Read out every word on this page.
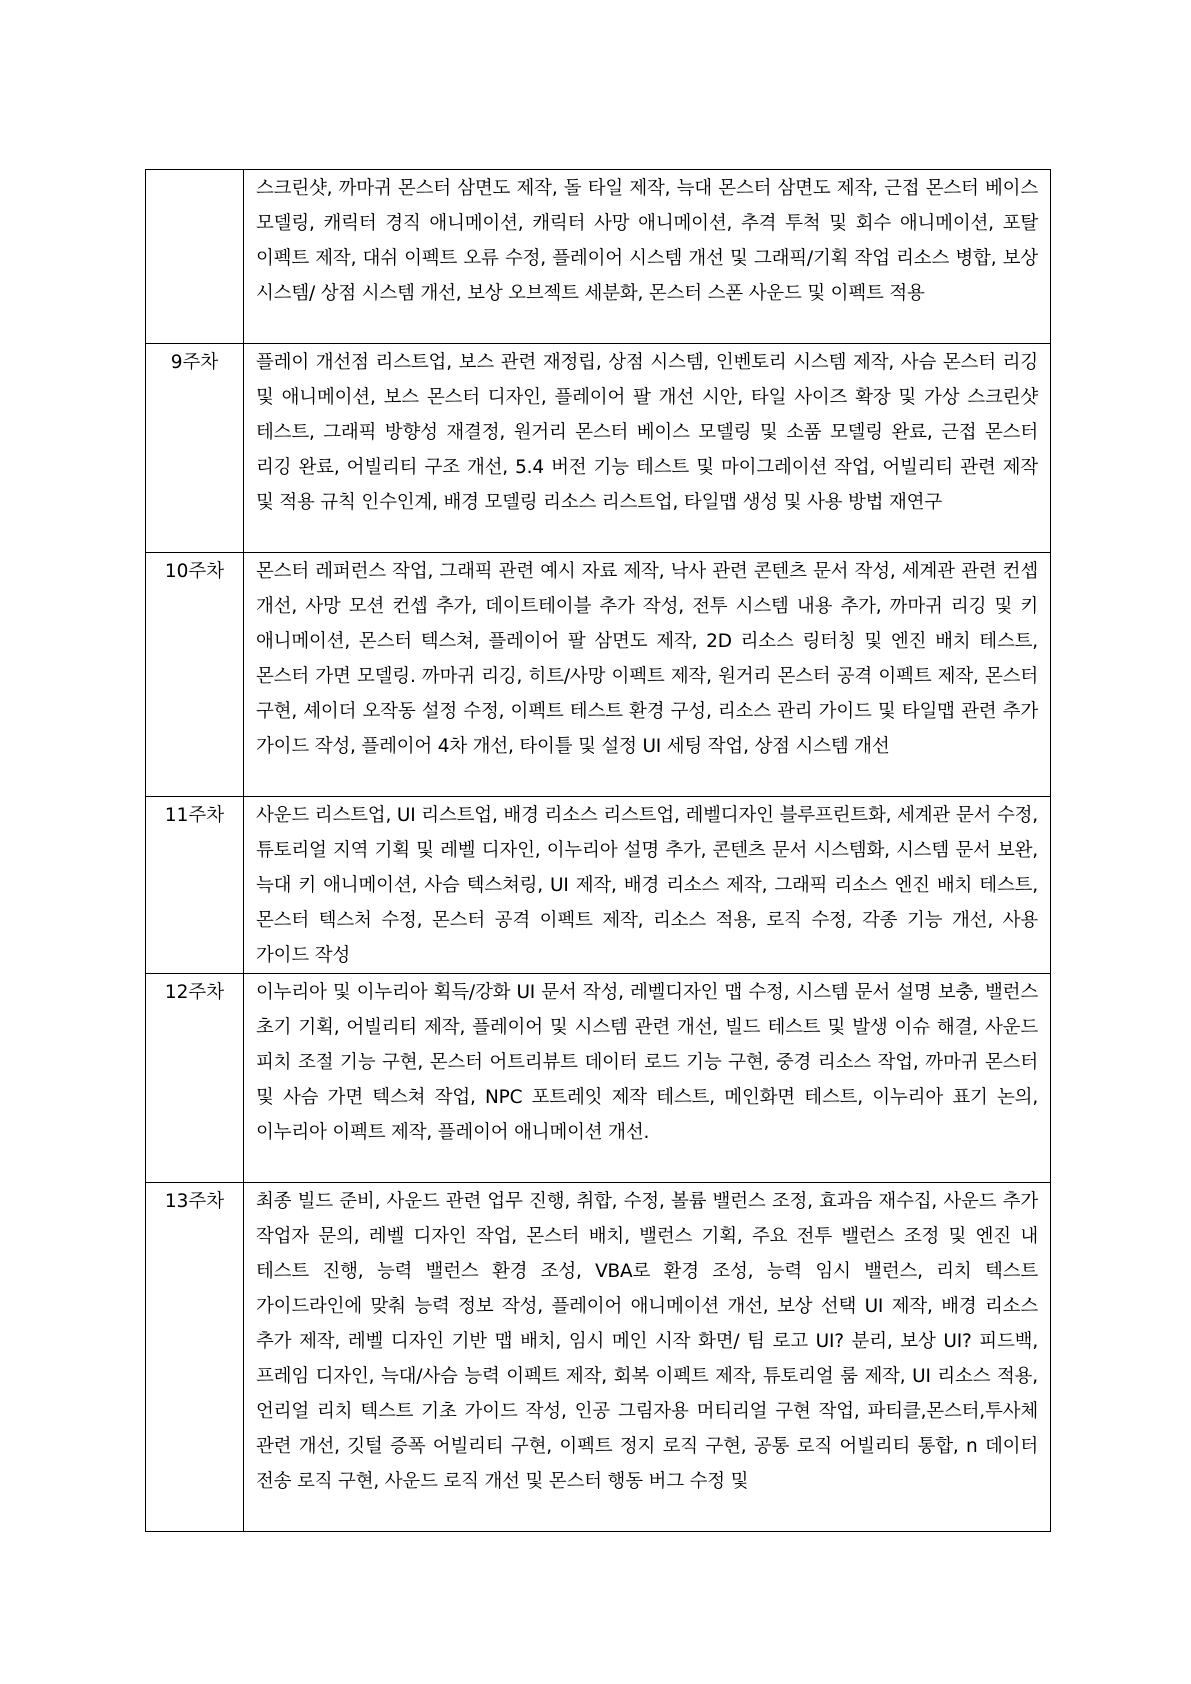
	스크린샷, 까마귀 몬스터 삼면도 제작, 돌 타일 제작, 늑대 몬스터 삼면도 제작, 근접 몬스터 베이스 모델링, 캐릭터 경직 애니메이션, 캐릭터 사망 애니메이션, 추격 투척 및 회수 애니메이션, 포탈 이펙트 제작, 대쉬 이펙트 오류 수정, 플레이어 시스템 개선 및 그래픽/기획 작업 리소스 병합, 보상 시스템/ 상점 시스템 개선, 보상 오브젝트 세분화, 몬스터 스폰 사운드 및 이펙트 적용
9주차	플레이 개선점 리스트업, 보스 관련 재정립, 상점 시스템, 인벤토리 시스템 제작, 사슴 몬스터 리깅 및 애니메이션, 보스 몬스터 디자인, 플레이어 팔 개선 시안, 타일 사이즈 확장 및 가상 스크린샷 테스트, 그래픽 방향성 재결정, 원거리 몬스터 베이스 모델링 및 소품 모델링 완료, 근접 몬스터 리깅 완료, 어빌리티 구조 개선, 5.4 버전 기능 테스트 및 마이그레이션 작업, 어빌리티 관련 제작 및 적용 규칙 인수인계, 배경 모델링 리소스 리스트업, 타일맵 생성 및 사용 방법 재연구
10주차	몬스터 레퍼런스 작업, 그래픽 관련 예시 자료 제작, 낙사 관련 콘텐츠 문서 작성, 세계관 관련 컨셉 개선, 사망 모션 컨셉 추가, 데이트테이블 추가 작성, 전투 시스템 내용 추가, 까마귀 리깅 및 키 애니메이션, 몬스터 텍스쳐, 플레이어 팔 삼면도 제작, 2D 리소스 링터칭 및 엔진 배치 테스트, 몬스터 가면 모델링. 까마귀 리깅, 히트/사망 이펙트 제작, 원거리 몬스터 공격 이펙트 제작, 몬스터 구현, 셰이더 오작동 설정 수정, 이펙트 테스트 환경 구성, 리소스 관리 가이드 및 타일맵 관련 추가 가이드 작성, 플레이어 4차 개선, 타이틀 및 설정 UI 세팅 작업, 상점 시스템 개선
11주차	사운드 리스트업, UI 리스트업, 배경 리소스 리스트업, 레벨디자인 블루프린트화, 세계관 문서 수정, 튜토리얼 지역 기획 및 레벨 디자인, 이누리아 설명 추가, 콘텐츠 문서 시스템화, 시스템 문서 보완, 늑대 키 애니메이션, 사슴 텍스쳐링, UI 제작, 배경 리소스 제작, 그래픽 리소스 엔진 배치 테스트, 몬스터 텍스처 수정, 몬스터 공격 이펙트 제작, 리소스 적용, 로직 수정, 각종 기능 개선, 사용 가이드 작성
12주차	이누리아 및 이누리아 획득/강화 UI 문서 작성, 레벨디자인 맵 수정, 시스템 문서 설명 보충, 밸런스 초기 기획, 어빌리티 제작, 플레이어 및 시스템 관련 개선, 빌드 테스트 및 발생 이슈 해결, 사운드 피치 조절 기능 구현, 몬스터 어트리뷰트 데이터 로드 기능 구현, 중경 리소스 작업, 까마귀 몬스터 및 사슴 가면 텍스쳐 작업, NPC 포트레잇 제작 테스트, 메인화면 테스트, 이누리아 표기 논의, 이누리아 이펙트 제작, 플레이어 애니메이션 개선.
13주차	최종 빌드 준비, 사운드 관련 업무 진행, 취합, 수정, 볼륨 밸런스 조정, 효과음 재수집, 사운드 추가 작업자 문의, 레벨 디자인 작업, 몬스터 배치, 밸런스 기획, 주요 전투 밸런스 조정 및 엔진 내 테스트 진행, 능력 밸런스 환경 조성, VBA로 환경 조성, 능력 임시 밸런스, 리치 텍스트 가이드라인에 맞춰 능력 정보 작성, 플레이어 애니메이션 개선, 보상 선택 UI 제작, 배경 리소스 추가 제작, 레벨 디자인 기반 맵 배치, 임시 메인 시작 화면/ 팀 로고 UI? 분리, 보상 UI? 피드백, 프레임 디자인, 늑대/사슴 능력 이펙트 제작, 회복 이펙트 제작, 튜토리얼 룸 제작, UI 리소스 적용, 언리얼 리치 텍스트 기초 가이드 작성, 인공 그림자용 머티리얼 구현 작업, 파티클,몬스터,투사체 관련 개선, 깃털 증폭 어빌리티 구현, 이펙트 정지 로직 구현, 공통 로직 어빌리티 통합, n 데이터 전송 로직 구현, 사운드 로직 개선 및 몬스터 행동 버그 수정 및
